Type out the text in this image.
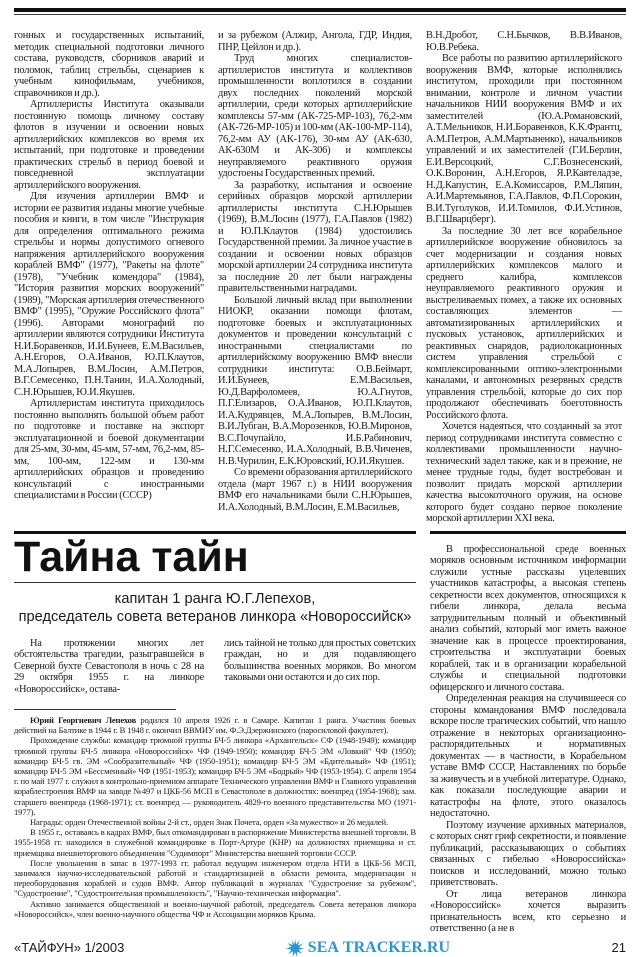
гонных и государственных испытаний, методик специальной подготовки личного состава, руководств, сборников аварий и поломок, таблиц стрельбы, сценариев к учебным кинофильмам, учебников, справочников и др.).

Артиллеристы Института оказывали постоянную помощь личному составу флотов в изучении и освоении новых артиллерийских комплексов во время их испытаний, при подготовке и проведении практических стрельб в период боевой и повседневной эксплуатации артиллерийского вооружения.

Для изучения артиллерии ВМФ и истории ее развития изданы многие учебные пособия и книги, в том числе "Инструкция для определения оптимального режима стрельбы и нормы допустимого огневого напряжения артиллерийского вооружения кораблей ВМФ" (1977), "Ракеты на флоте" (1978), "Учебник комендора" (1984), "История развития морских вооружений" (1989), "Морская артиллерия отечественного ВМФ" (1995), "Оружие Российского флота" (1996). Авторами монографий по артиллерии являются сотрудники Института Н.И.Боравенков, И.И.Бунеев, Е.М.Васильев, А.Н.Егоров, О.А.Иванов, Ю.П.Клаутов, М.А.Лопырев, В.М.Лосин, А.М.Петров, В.Г.Семесенко, П.Н.Танин, И.А.Холодный, С.Н.Юрышев, Ю.И.Якушев.

Артиллеристам института приходилось постоянно выполнять большой объем работ по подготовке и поставке на экспорт эксплуатационной и боевой документации для 25-мм, 30-мм, 45-мм, 57-мм, 76,2-мм, 85-мм, 100-мм, 122-мм и 130-мм артиллерийских образцов и проведению консультаций с иностранными специалистами в России (СССР)

и за рубежом (Алжир, Ангола, ГДР, Индия, ПНР, Цейлон и др.).

Труд многих специалистов-артиллеристов института и коллективов промышленности воплотился в создании двух последних поколений морской артиллерии, среди которых артиллерийские комплексы 57-мм (АК-725-МР-103), 76,2-мм (АК-726-МР-105) и 100-мм (АК-100-МР-114), 76,2-мм АУ (АК-176), 30-мм АУ (АК-630, АК-630М и АК-306) и комплексы неуправляемого реактивного оружия удостоены Государственных премий.

За разработку, испытания и освоение серийных образцов морской артиллерии артиллеристы института С.Н.Юрышев (1969), В.М.Лосин (1977), Г.А.Павлов (1982) и Ю.П.Клаутов (1984) удостоились Государственной премии. За личное участие в создании и освоении новых образцов морской артиллерии 24 сотрудника института за последние 20 лет были награждены правительственными наградами.

Большой личный вклад при выполнении НИОКР, оказании помощи флотам, подготовке боевых и эксплуатационных документов и проведении консультаций с иностранными специалистами по артиллерийскому вооружению ВМФ внесли сотрудники института: О.В.Беймарт, И.И.Бунеев, Е.М.Васильев, Ю.Д.Варфоломеев, Ю.А.Гнутов, П.Г.Елизаров, О.А.Иванов, Ю.П.Клаутов, И.А.Кудрявцев, М.А.Лопырев, В.М.Лосин, В.И.Лубган, В.А.Морозенков, Ю.В.Миронов, В.С.Почупайло, И.Б.Рабинович, Н.Г.Семесенко, И.А.Холодный, В.В.Чиченев, Н.В.Чурилин, Е.К.Юровский, Ю.И.Якушев.

Со времени образования артиллерийского отдела (март 1967 г.) в НИИ вооружения ВМФ его начальниками были С.Н.Юрышев, И.А.Холодный, В.М.Лосин, Е.М.Васильев,

В.Н.Дробот, С.Н.Бычков, В.В.Иванов, Ю.В.Ребека.

Все работы по развитию артиллерийского вооружения ВМФ, которые исполнялись институтом, проходили при постоянном внимании, контроле и личном участии начальников НИИ вооружения ВМФ и их заместителей (Ю.А.Романовский, А.Т.Мельников, Н.И.Боравенков, К.К.Франтц, А.М.Петров, А.М.Мартыненко), начальников управлений и их заместителей (Г.И.Берлин, Е.И.Версоцкий, С.Г.Вознесенский, О.К.Воронин, А.Н.Егоров, Я.Р.Кавтеладзе, Н.Д.Капустин, Е.А.Комиссаров, Р.М.Ляпин, А.И.Мартемьянов, Г.А.Павлов, Ф.П.Сорокин, В.И.Туголуков, И.И.Томилов, Ф.И.Устинов, В.Г.Шварцберг).

За последние 30 лет все корабельное артиллерийское вооружение обновилось за счет модернизации и создания новых артиллерийских комплексов малого и среднего калибра, комплексов неуправляемого реактивного оружия и выстреливаемых помех, а также их основных составляющих элементов — автоматизированных артиллерийских и пусковых установок, артиллерийских и реактивных снарядов, радиолокационных систем управления стрельбой с комплексированными оптико-электронными каналами, и автономных резервных средств управления стрельбой, которые до сих пор продолжают обеспечивать боеготовность Российского флота.

Хочется надеяться, что созданный за этот период сотрудниками института совместно с коллективами промышленности научно-технический задел также, как и в прежние, не менее трудные годы, будет востребован и позволит придать морской артиллерии качества высокоточного оружия, на основе которого будет создано первое поколение морской артиллерии XXI века.

Тайна тайн
капитан 1 ранга Ю.Г.Лепехов,
председатель совета ветеранов линкора «Новороссийск»

На протяжении многих лет обстоятельства трагедии, разыгравшейся в Северной бухте Севастополя в ночь с 28 на 29 октября 1955 г. на линкоре «Новороссийск», остава-

лись тайной не только для простых советских граждан, но и для подавляющего большинства военных моряков. Во многом таковыми они остаются и до сих пор.

Юрий Георгиевич Лепехов родился 10 апреля 1926 г. в Самаре. Капитан 1 ранга. Участник боевых действий на Балтике в 1944 г. В 1948 г. окончил ВВМИУ им. Ф.Э.Дзержинского (паросиловой факультет).

Прохождение службы: командир трюмной группы БЧ-5 линкора «Архангельск» СФ (1948-1949); командир трюмной группы БЧ-5 линкора «Новороссийск» ЧФ (1949-1950); командир БЧ-5 ЭМ «Ловкий" ЧФ (1950); командир БЧ-5 гв. ЭМ «Сообразительный» ЧФ (1950-1951); командир БЧ-5 ЭМ «Бдительный» ЧФ (1951); командир БЧ-5 ЭМ «Бессменный» ЧФ (1951-1953); командир БЧ-5 ЭМ «Бодрый» ЧФ (1953-1954). С апреля 1954 г. по май 1977 г. служил в контрольно-приемном аппарате Технического управления ВМФ и Главного управления кораблестроения ВМФ на заводе №497 и ЦКБ-56 МСП в Севастополе в должностях: военпред (1954-1968); зам. старшего военпреда (1968-1971); ст. военпред — руководитель 4829-го военного представительства МО (1971-1977).

Награды: орден Отечественной войны 2-й ст., орден Знак Почета, орден «За мужество» и 26 медалей.

В 1955 г., оставаясь в кадрах ВМФ, был откомандирован в распоряжение Министерства внешней торговли. В 1955-1958 гг. находился в служебной командировке в Порт-Артуре (КНР) на должностях приемщика и ст. приемщика внешнеторгового объединения "Судимпорт" Министерства внешней торговли СССР.

После увольнения в запас в 1977-1993 гг. работал ведущим инженером отдела НТИ в ЦКБ-56 МСП, занимался научно-исследовательской работой и стандартизацией в области ремонта, модернизации и переоборудования кораблей и судов ВМФ. Автор публикаций в журналах "Судостроение за рубежом", "Судостроение", "Судостроительная промышленность", "Научно-техническая информация".

Активно занимается общественной и военно-научной работой, председатель Совета ветеранов линкора «Новороссийск», член военно-научного общества ЧФ и Ассоциации моряков Крыма.

В профессиональной среде военных моряков основным источником информации служили устные рассказы уцелевших участников катастрофы, а высокая степень секретности всех документов, относящихся к гибели линкора, делала весьма затруднительным полный и объективный анализ событий, который мог иметь важное значение как в процессе проектирования, строительства и эксплуатации боевых кораблей, так и в организации корабельной службы и специальной подготовки офицерского и личного состава.

Определенная реакция на случившееся со стороны командования ВМФ последовала вскоре после трагических событий, что нашло отражение в некоторых организационно-распорядительных и нормативных документах — в частности, в Корабельном уставе ВМФ СССР, Наставлениях по борьбе за живучесть и в учебной литературе. Однако, как показали последующие аварии и катастрофы на флоте, этого оказалось недостаточно.

Поэтому изучение архивных материалов, с которых снят гриф секретности, и появление публикаций, рассказывающих о событиях связанных с гибелью «Новороссийска» поисков и исследований, можно только приветствовать.

От лица ветеранов линкора «Новороссийск» хочется выразить признательность всем, кто серьезно и ответственно (а не в

«ТАЙФУН» 1/2003	SEA TRACKER.RU	21
